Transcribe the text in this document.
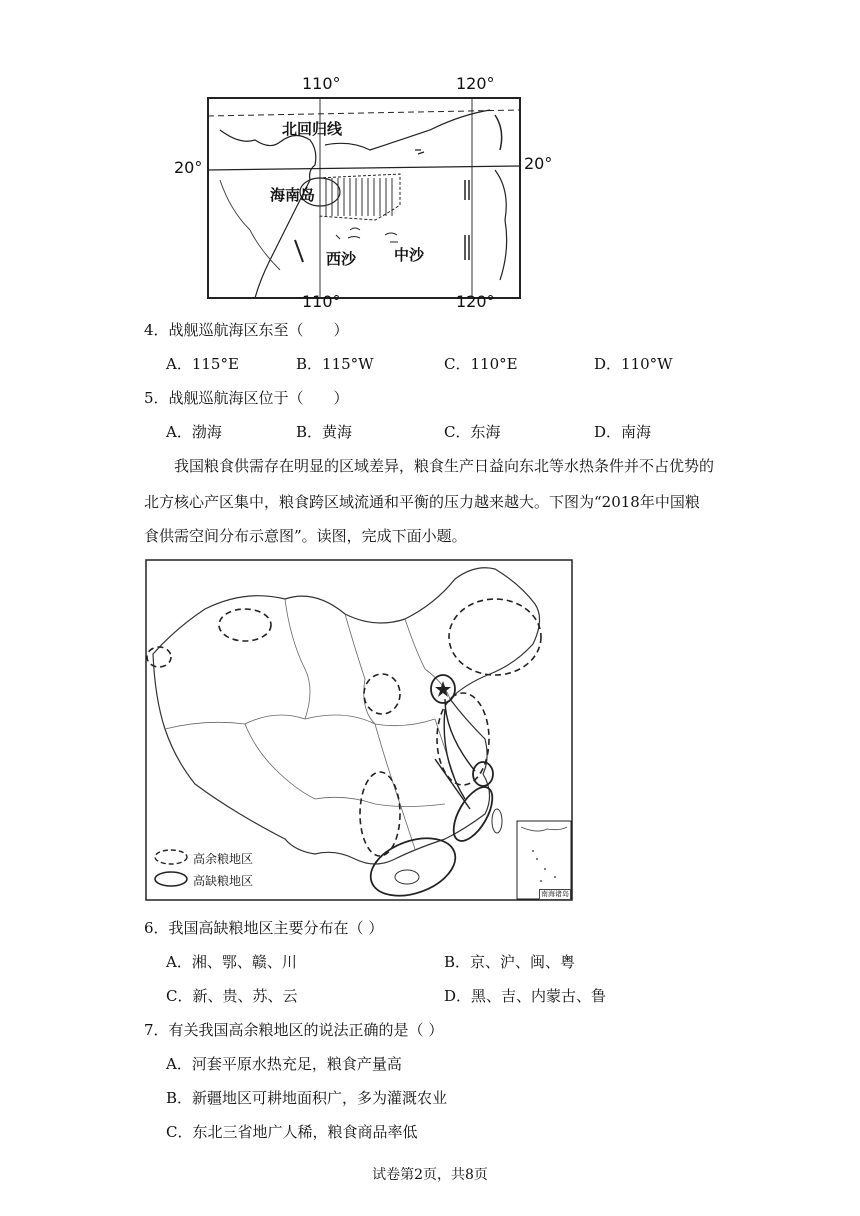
110°	120°
110°	120°
20°	20°
北回归线
海南岛
西沙	中沙
4．战舰巡航海区东至（　　）
A．115°E	B．115°W	C．110°E	D．110°W
5．战舰巡航海区位于（　　）
A．渤海	B．黄海	C．东海	D．南海
我国粮食供需存在明显的区域差异，粮食生产日益向东北等水热条件并不占优势的
北方核心产区集中，粮食跨区域流通和平衡的压力越来越大。下图为“2018年中国粮
食供需空间分布示意图”。读图，完成下面小题。
高余粮地区
高缺粮地区
南海诸岛
6．我国高缺粮地区主要分布在（ ）
A．湘、鄂、赣、川	B．京、沪、闽、粤
C．新、贵、苏、云	D．黑、吉、内蒙古、鲁
7．有关我国高余粮地区的说法正确的是（ ）
A．河套平原水热充足，粮食产量高
B．新疆地区可耕地面积广，多为灌溉农业
C．东北三省地广人稀，粮食商品率低
试卷第2页，共8页
